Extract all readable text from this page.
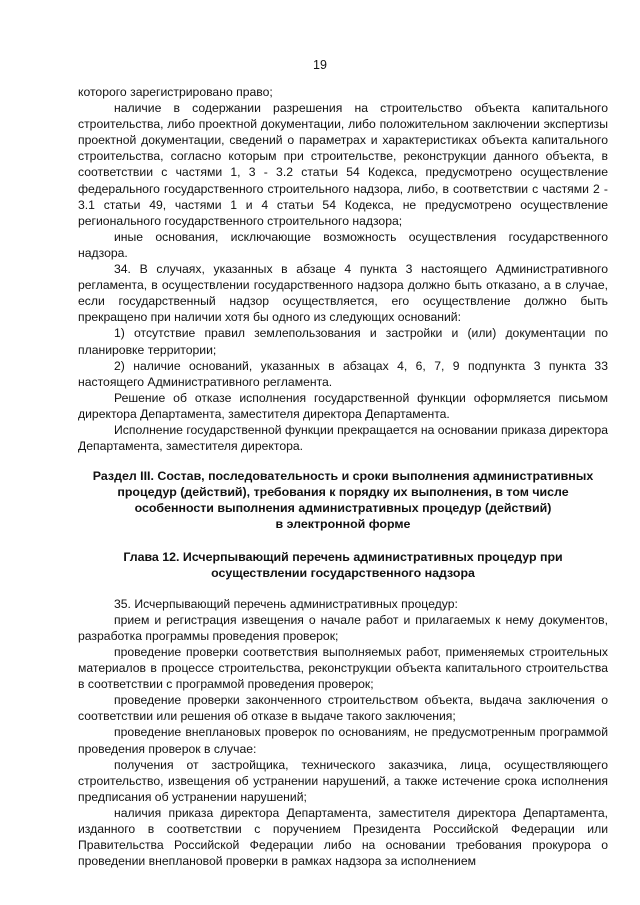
19

которого зарегистрировано право;

наличие в содержании разрешения на строительство объекта капитального строительства, либо проектной документации, либо положительном заключении экспертизы проектной документации, сведений о параметрах и характеристиках объекта капитального строительства, согласно которым при строительстве, реконструкции данного объекта, в соответствии с частями 1, 3 - 3.2 статьи 54 Кодекса, предусмотрено осуществление федерального государственного строительного надзора, либо, в соответствии с частями 2 - 3.1 статьи 49, частями 1 и 4 статьи 54 Кодекса, не предусмотрено осуществление регионального государственного строительного надзора;

иные основания, исключающие возможность осуществления государственного надзора.

34. В случаях, указанных в абзаце 4 пункта 3 настоящего Административного регламента, в осуществлении государственного надзора должно быть отказано, а в случае, если государственный надзор осуществляется, его осуществление должно быть прекращено при наличии хотя бы одного из следующих оснований:

1) отсутствие правил землепользования и застройки и (или) документации по планировке территории;

2) наличие оснований, указанных в абзацах 4, 6, 7, 9 подпункта 3 пункта 33 настоящего Административного регламента.

Решение об отказе исполнения государственной функции оформляется письмом директора Департамента, заместителя директора Департамента.

Исполнение государственной функции прекращается на основании приказа директора Департамента, заместителя директора.

Раздел III. Состав, последовательность и сроки выполнения административных
процедур (действий), требования к порядку их выполнения, в том числе
особенности выполнения административных процедур (действий)
в электронной форме
Глава 12. Исчерпывающий перечень административных процедур при
осуществлении государственного надзора

35. Исчерпывающий перечень административных процедур:

прием и регистрация извещения о начале работ и прилагаемых к нему документов, разработка программы проведения проверок;

проведение проверки соответствия выполняемых работ, применяемых строительных материалов в процессе строительства, реконструкции объекта капитального строительства в соответствии с программой проведения проверок;

проведение проверки законченного строительством объекта, выдача заключения о соответствии или решения об отказе в выдаче такого заключения;

проведение внеплановых проверок по основаниям, не предусмотренным программой проведения проверок в случае:

получения от застройщика, технического заказчика, лица, осуществляющего строительство, извещения об устранении нарушений, а также истечение срока исполнения предписания об устранении нарушений;

наличия приказа директора Департамента, заместителя директора Департамента, изданного в соответствии с поручением Президента Российской Федерации или Правительства Российской Федерации либо на основании требования прокурора о проведении внеплановой проверки в рамках надзора за исполнением
